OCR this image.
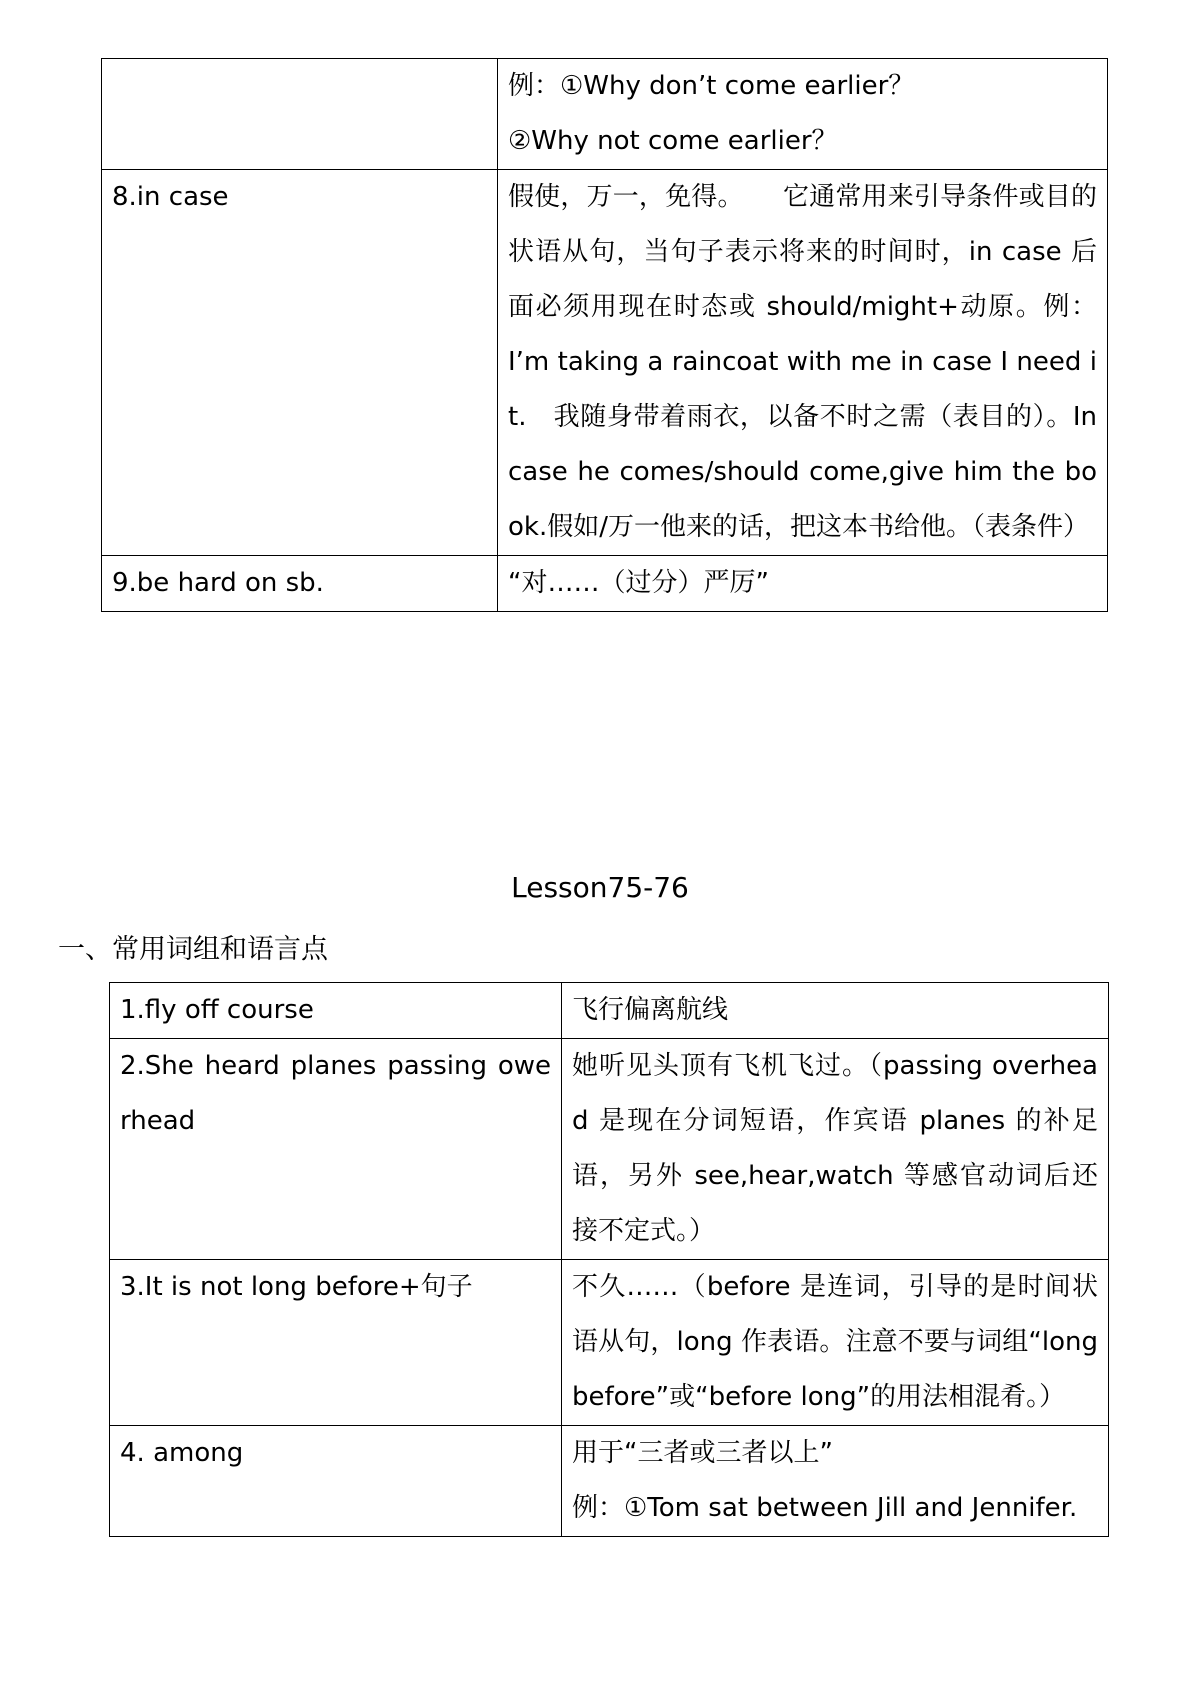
	例：①Why don’t come earlier？
②Why not come earlier？

8.in case	假使，万一，免得。　　它通常用来引导条件或目的状语从句，当句子表示将来的时间时，in case 后面必须用现在时态或 should/might+动原。例：I’m taking a raincoat with me in case I need it.　我随身带着雨衣，以备不时之需（表目的）。In case he comes/should come,give him the book.假如/万一他来的话，把这本书给他。（表条件）
9.be hard on sb.	“对……（过分）严厉”
Lesson75-76
一、常用词组和语言点
1.fly off course	飞行偏离航线
2.She heard planes passing owerhead	她听见头顶有飞机飞过。（passing overhead 是现在分词短语，作宾语 planes 的补足语，另外 see,hear,watch 等感官动词后还接不定式。）
3.It is not long before+句子	不久……（before 是连词，引导的是时间状语从句，long 作表语。注意不要与词组“long before”或“before long”的用法相混肴。）
4. among	用于“三者或三者以上”
例：①Tom sat between Jill and Jennifer.
